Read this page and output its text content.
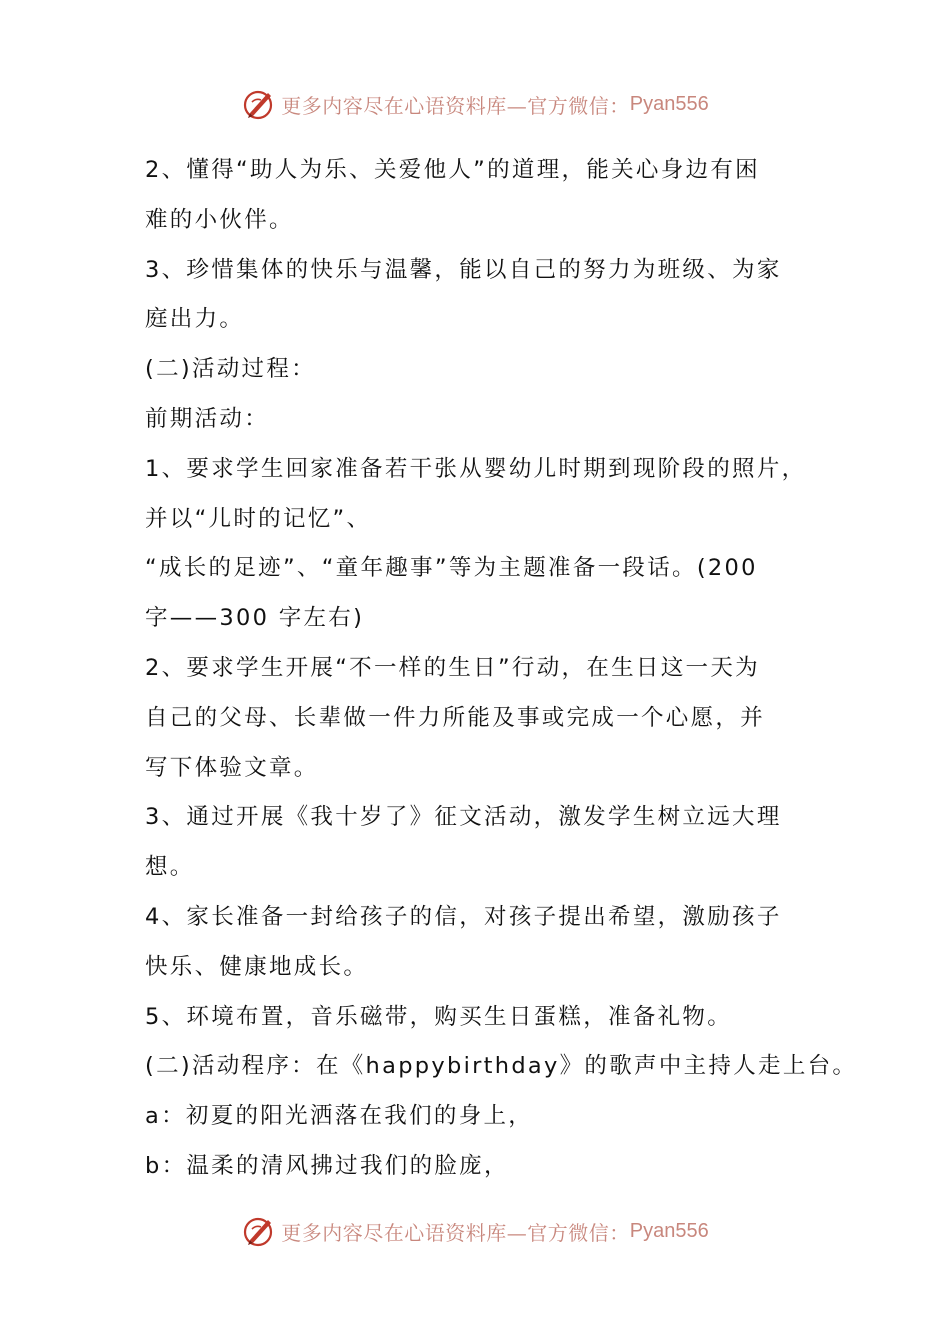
更多内容尽在心语资料库—官方微信： Pyan556
2、懂得“助人为乐、关爱他人”的道理，能关心身边有困
难的小伙伴。
3、珍惜集体的快乐与温馨，能以自己的努力为班级、为家
庭出力。
(二)活动过程：
前期活动：
1、要求学生回家准备若干张从婴幼儿时期到现阶段的照片，
并以“儿时的记忆”、
“成长的足迹”、“童年趣事”等为主题准备一段话。(200
字——300 字左右)
2、要求学生开展“不一样的生日”行动，在生日这一天为
自己的父母、长辈做一件力所能及事或完成一个心愿，并
写下体验文章。
3、通过开展《我十岁了》征文活动，激发学生树立远大理
想。
4、家长准备一封给孩子的信，对孩子提出希望，激励孩子
快乐、健康地成长。
5、环境布置，音乐磁带，购买生日蛋糕，准备礼物。
(二)活动程序：在《happybirthday》的歌声中主持人走上台。
a：初夏的阳光洒落在我们的身上，
b：温柔的清风拂过我们的脸庞，
更多内容尽在心语资料库—官方微信： Pyan556
